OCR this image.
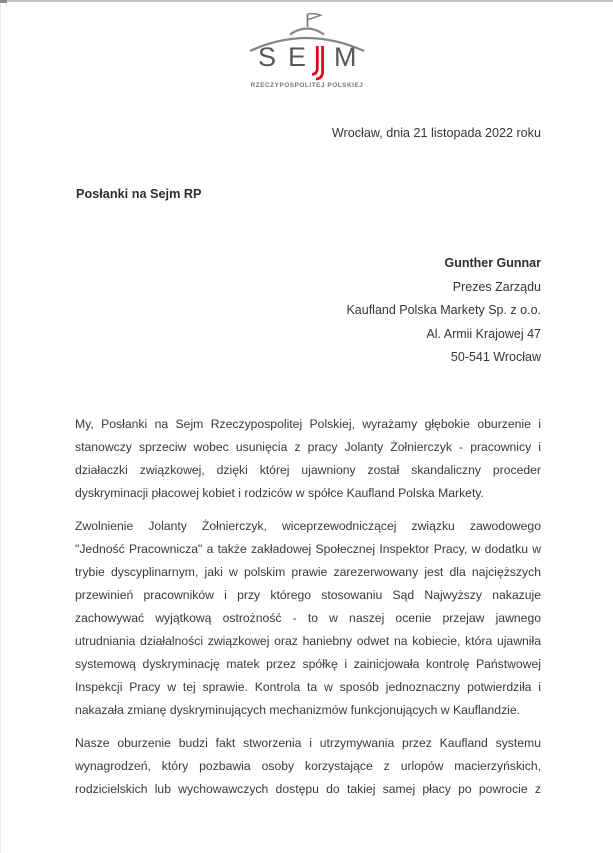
S E M
RZECZYPOSPOLITEJ POLSKIEJ
Wrocław, dnia 21 listopada 2022 roku
Posłanki na Sejm RP
Gunther Gunnar
Prezes Zarządu
Kaufland Polska Markety Sp. z o.o.
Al. Armii Krajowej 47
50-541 Wrocław
My, Posłanki na Sejm Rzeczypospolitej Polskiej, wyrażamy głębokie oburzenie i
stanowczy sprzeciw wobec usunięcia z pracy Jolanty Żołnierczyk - pracownicy i
działaczki związkowej, dzięki której ujawniony został skandaliczny proceder
dyskryminacji płacowej kobiet i rodziców w spółce Kaufland Polska Markety.
Zwolnienie Jolanty Żołnierczyk, wiceprzewodniczącej związku zawodowego
"Jedność Pracownicza" a także zakładowej Społecznej Inspektor Pracy, w dodatku w
trybie dyscyplinarnym, jaki w polskim prawie zarezerwowany jest dla najcięższych
przewinień pracowników i przy którego stosowaniu Sąd Najwyższy nakazuje
zachowywać wyjątkową ostrożność - to w naszej ocenie przejaw jawnego
utrudniania działalności związkowej oraz haniebny odwet na kobiecie, która ujawniła
systemową dyskryminację matek przez spółkę i zainicjowała kontrolę Państwowej
Inspekcji Pracy w tej sprawie. Kontrola ta w sposób jednoznaczny potwierdziła i
nakazała zmianę dyskryminujących mechanizmów funkcjonujących w Kauflandzie.
Nasze oburzenie budzi fakt stworzenia i utrzymywania przez Kaufland systemu
wynagrodzeń, który pozbawia osoby korzystające z urlopów macierzyńskich,
rodzicielskich lub wychowawczych dostępu do takiej samej płacy po powrocie z
